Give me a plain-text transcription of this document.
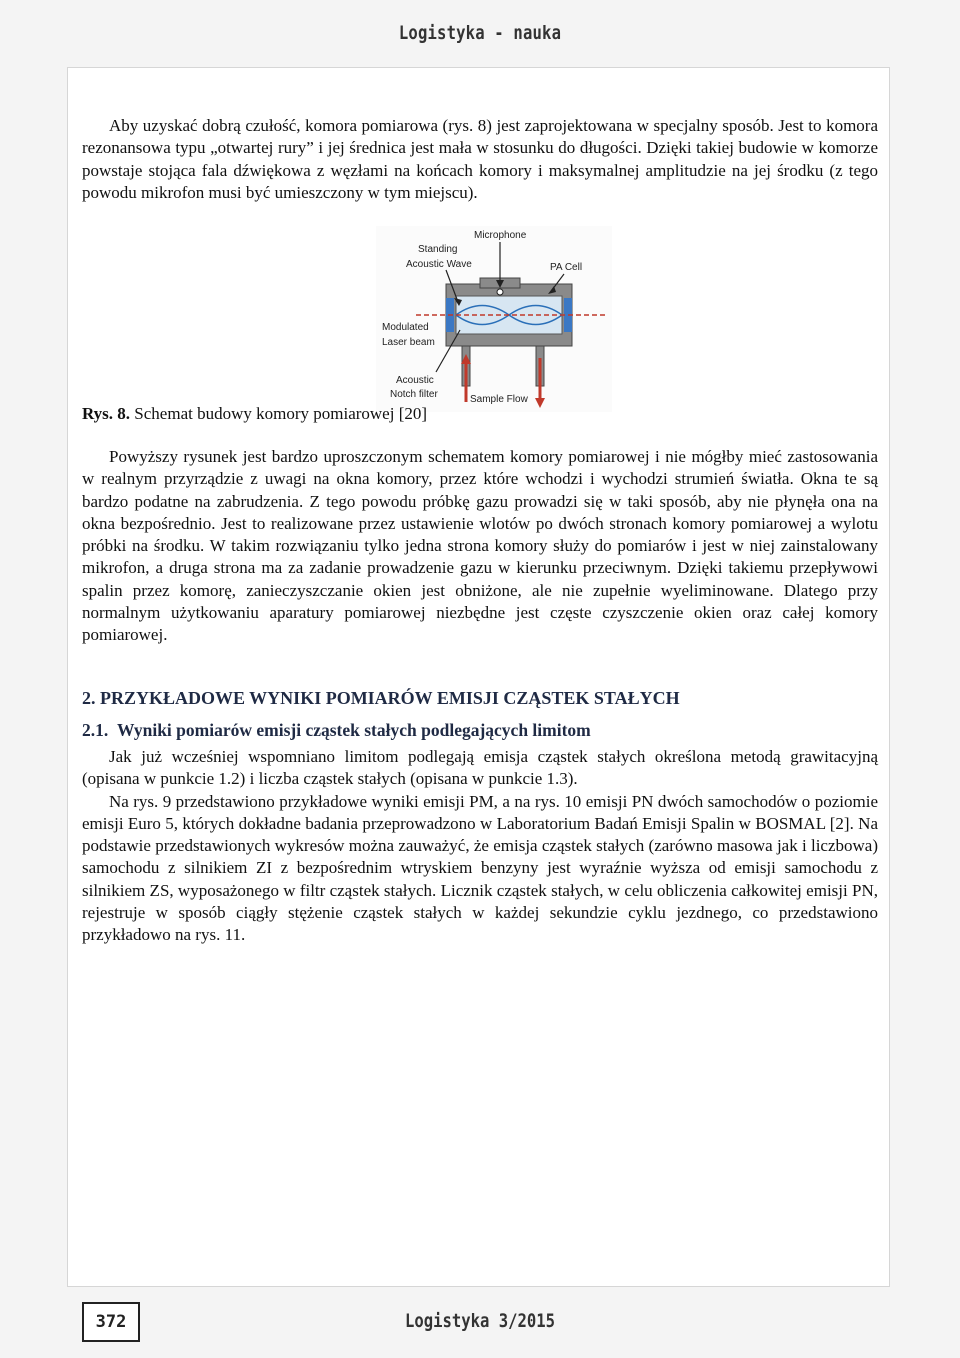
Logistyka - nauka
Aby uzyskać dobrą czułość, komora pomiarowa (rys. 8) jest zaprojektowana w specjalny sposób. Jest to komora rezonansowa typu „otwartej rury” i jej średnica jest mała w stosunku do długości. Dzięki takiej budowie w komorze powstaje stojąca fala dźwiękowa z węzłami na końcach komory i maksymalnej amplitudzie na jej środku (z tego powodu mikrofon musi być umieszczony w tym miejscu).
Standing
Acoustic Wave
Microphone
PA Cell
Modulated
Laser beam
Acoustic
Notch filter	Sample Flow
Rys. 8. Schemat budowy komory pomiarowej [20]
Powyższy rysunek jest bardzo uproszczonym schematem komory pomiarowej i nie mógłby mieć zastosowania w realnym przyrządzie z uwagi na okna komory, przez które wchodzi i wychodzi strumień światła. Okna te są bardzo podatne na zabrudzenia. Z tego powodu próbkę gazu prowadzi się w taki sposób, aby nie płynęła ona na okna bezpośrednio. Jest to realizowane przez ustawienie wlotów po dwóch stronach komory pomiarowej a wylotu próbki na środku. W takim rozwiązaniu tylko jedna strona komory służy do pomiarów i jest w niej zainstalowany mikrofon, a druga strona ma za zadanie prowadzenie gazu w kierunku przeciwnym. Dzięki takiemu przepływowi spalin przez komorę, zanieczyszczanie okien jest obniżone, ale nie zupełnie wyeliminowane. Dlatego przy normalnym użytkowaniu aparatury pomiarowej niezbędne jest częste czyszczenie okien oraz całej komory pomiarowej.
2. PRZYKŁADOWE WYNIKI POMIARÓW EMISJI CZĄSTEK STAŁYCH
2.1.  Wyniki pomiarów emisji cząstek stałych podlegających limitom

Jak już wcześniej wspomniano limitom podlegają emisja cząstek stałych określona metodą grawitacyjną (opisana w punkcie 1.2) i liczba cząstek stałych (opisana w punkcie 1.3).

Na rys. 9 przedstawiono przykładowe wyniki emisji PM, a na rys. 10 emisji PN dwóch samochodów o poziomie emisji Euro 5, których dokładne badania przeprowadzono w Laboratorium Badań Emisji Spalin w BOSMAL [2]. Na podstawie przedstawionych wykresów można zauważyć, że emisja cząstek stałych (zarówno masowa jak i liczbowa) samochodu z silnikiem ZI z bezpośrednim wtryskiem benzyny jest wyraźnie wyższa od emisji samochodu z silnikiem ZS, wyposażonego w filtr cząstek stałych. Licznik cząstek stałych, w celu obliczenia całkowitej emisji PN, rejestruje w sposób ciągły stężenie cząstek stałych w każdej sekundzie cyklu jezdnego, co przedstawiono przykładowo na rys. 11.

372	Logistyka 3/2015
